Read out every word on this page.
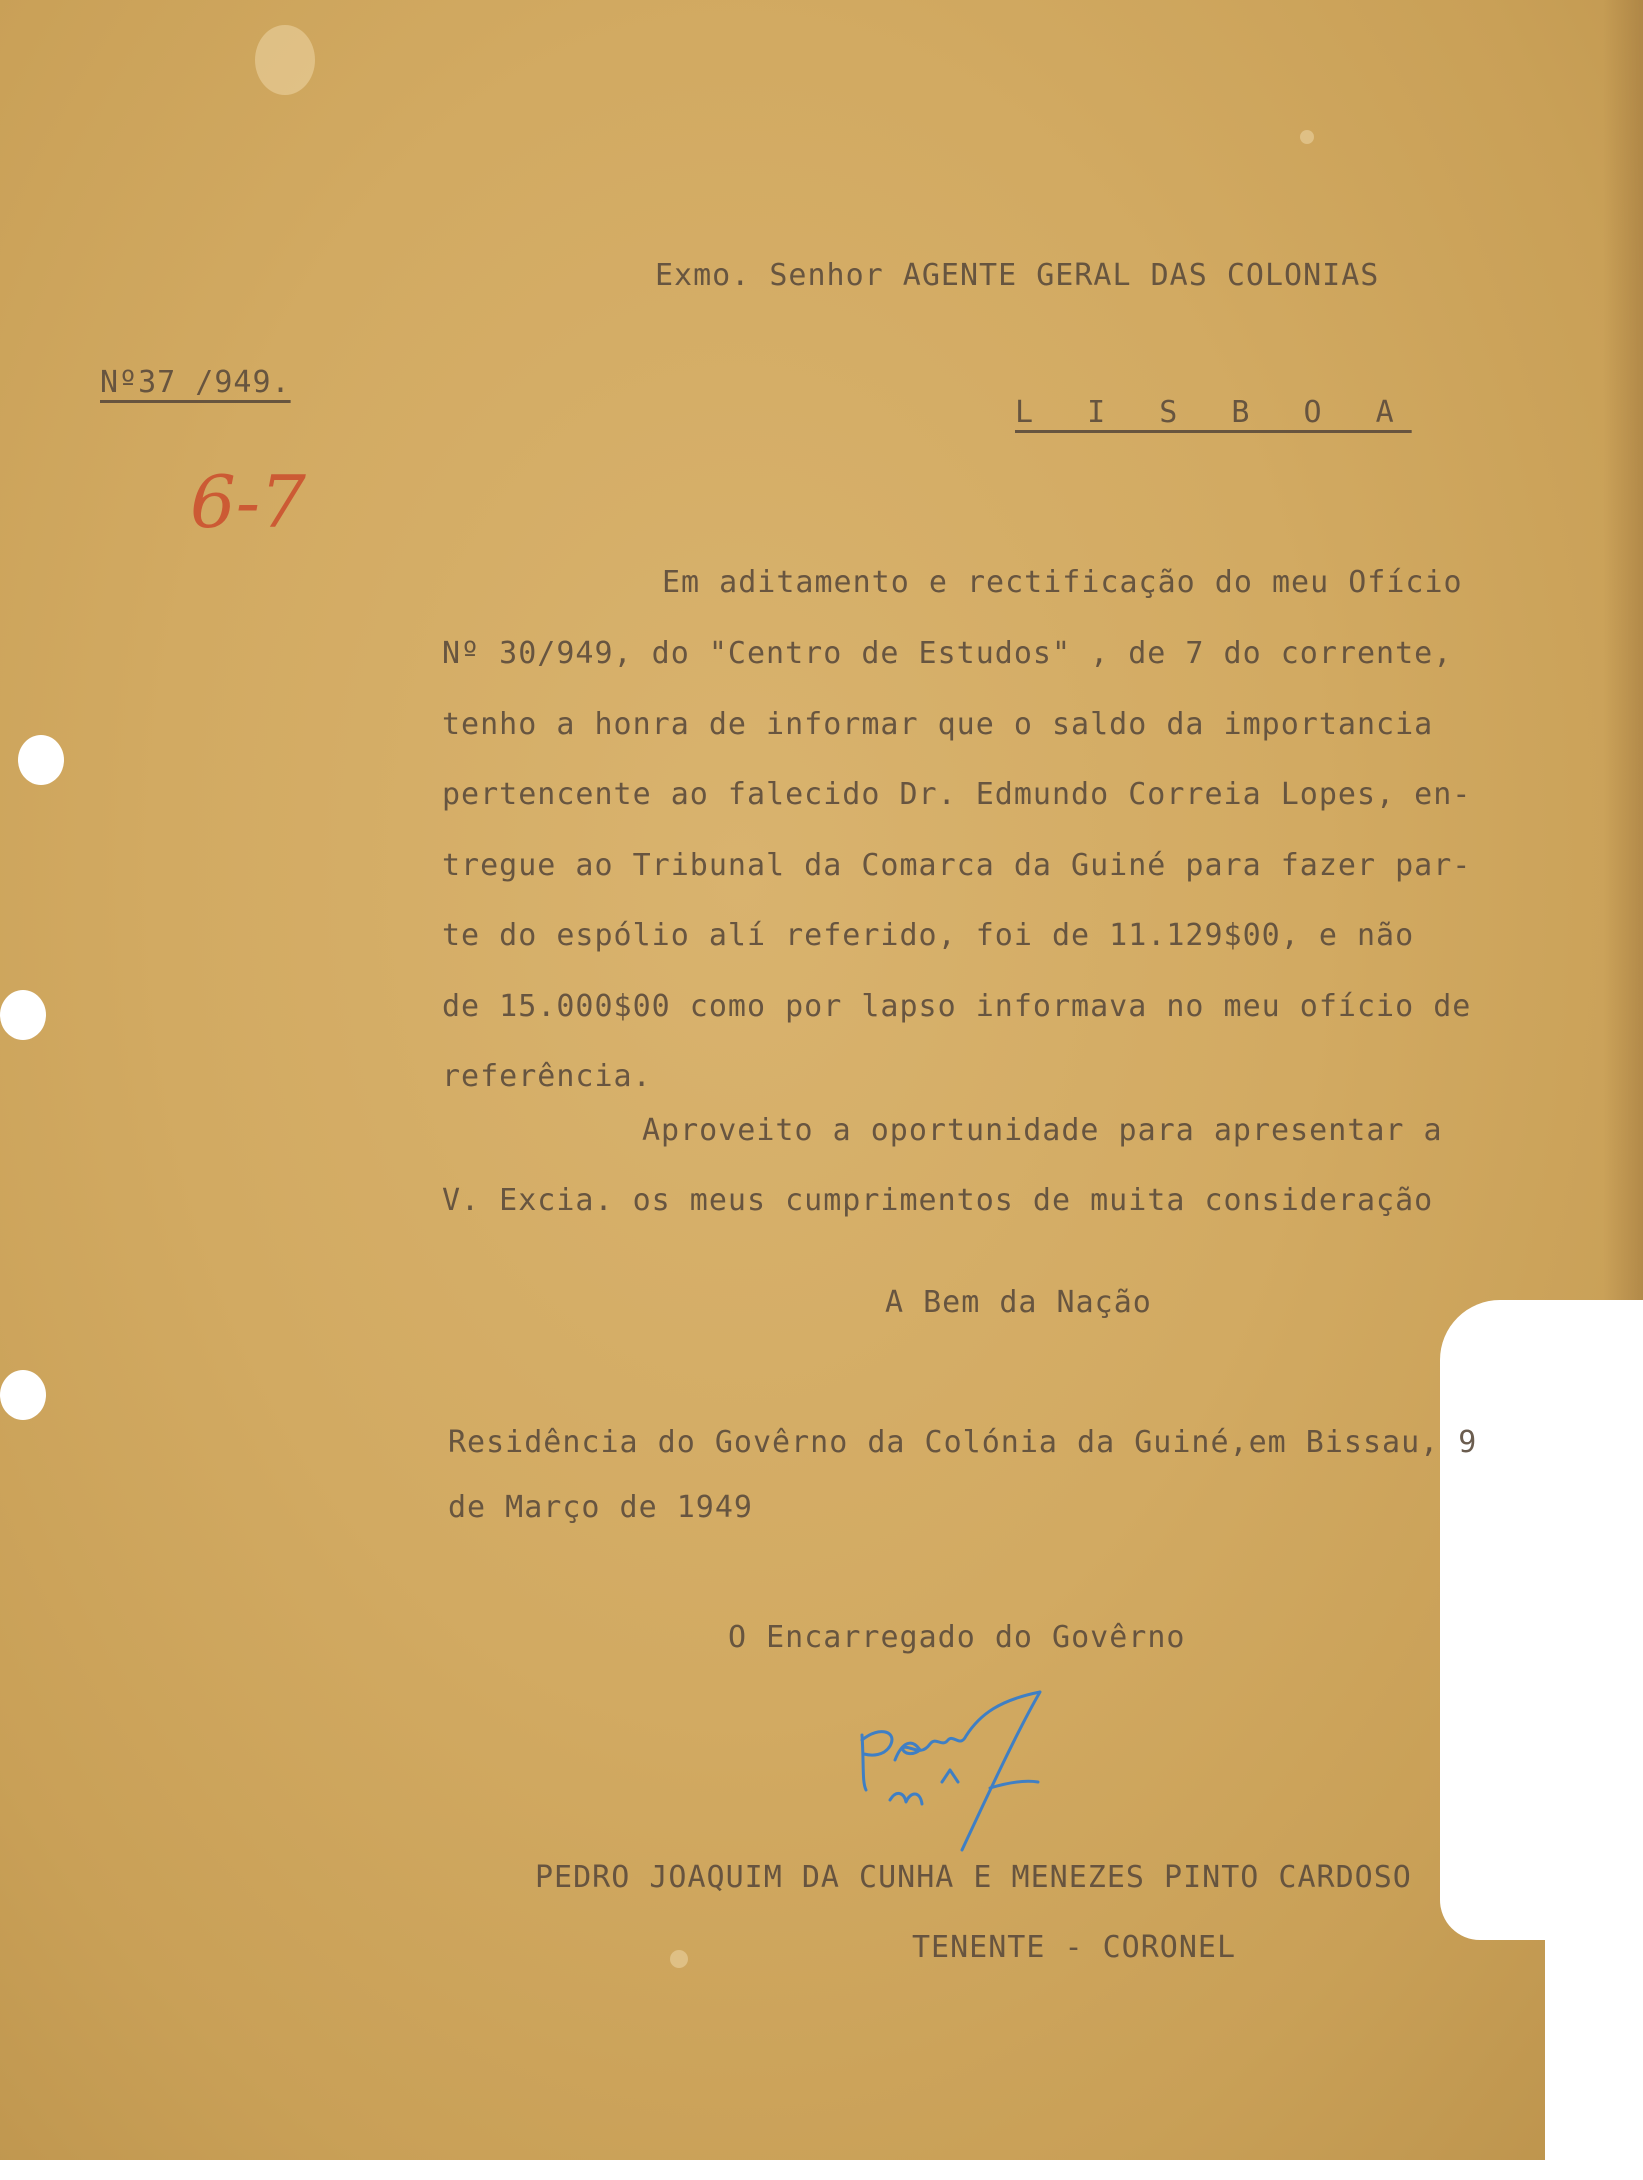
Exmo. Senhor AGENTE GERAL DAS COLONIAS
Nº37 /949.
L I S B O A
6-7
Em aditamento e rectificação do meu Ofício
Nº 30/949, do "Centro de Estudos" , de 7 do corrente,
tenho a honra de informar que o saldo da importancia
pertencente ao falecido Dr. Edmundo Correia Lopes, en-
tregue ao Tribunal da Comarca da Guiné para fazer par-
te do espólio alí referido, foi de 11.129$00, e não
de 15.000$00 como por lapso informava no meu ofício de
referência.
Aproveito a oportunidade para apresentar a
V. Excia. os meus cumprimentos de muita consideração
A Bem da Nação
Residência do Govêrno da Colónia da Guiné,em Bissau, 9
de Março de 1949
O Encarregado do Govêrno
PEDRO JOAQUIM DA CUNHA E MENEZES PINTO CARDOSO
TENENTE - CORONEL
